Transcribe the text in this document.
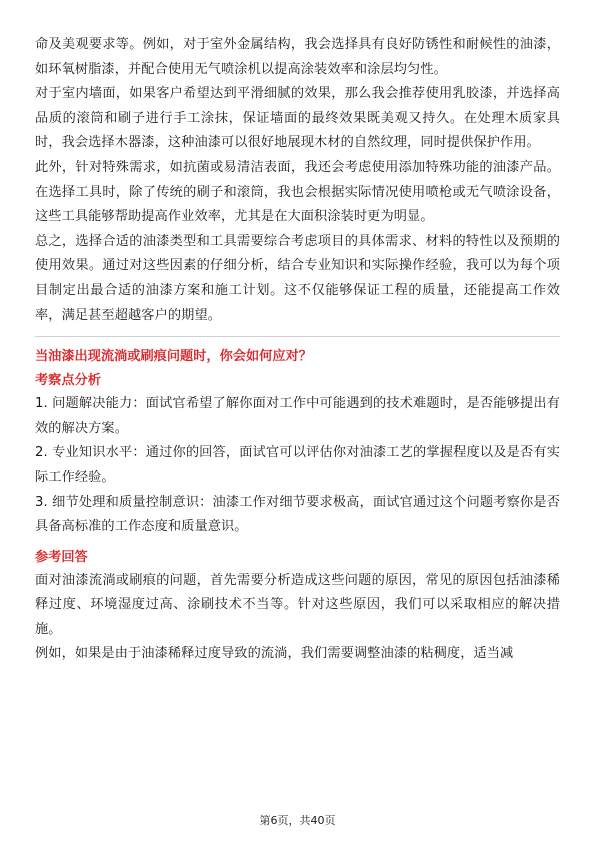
命及美观要求等。例如，对于室外金属结构，我会选择具有良好防锈性和耐候性的油漆，如环氧树脂漆，并配合使用无气喷涂机以提高涂装效率和涂层均匀性。

对于室内墙面，如果客户希望达到平滑细腻的效果，那么我会推荐使用乳胶漆，并选择高品质的滚筒和刷子进行手工涂抹，保证墙面的最终效果既美观又持久。在处理木质家具时，我会选择木器漆，这种油漆可以很好地展现木材的自然纹理，同时提供保护作用。

此外，针对特殊需求，如抗菌或易清洁表面，我还会考虑使用添加特殊功能的油漆产品。在选择工具时，除了传统的刷子和滚筒，我也会根据实际情况使用喷枪或无气喷涂设备，这些工具能够帮助提高作业效率，尤其是在大面积涂装时更为明显。

总之，选择合适的油漆类型和工具需要综合考虑项目的具体需求、材料的特性以及预期的使用效果。通过对这些因素的仔细分析，结合专业知识和实际操作经验，我可以为每个项目制定出最合适的油漆方案和施工计划。这不仅能够保证工程的质量，还能提高工作效率，满足甚至超越客户的期望。

当油漆出现流淌或刷痕问题时，你会如何应对？

考察点分析

1. 问题解决能力：面试官希望了解你面对工作中可能遇到的技术难题时，是否能够提出有效的解决方案。

2. 专业知识水平：通过你的回答，面试官可以评估你对油漆工艺的掌握程度以及是否有实际工作经验。

3. 细节处理和质量控制意识：油漆工作对细节要求极高，面试官通过这个问题考察你是否具备高标准的工作态度和质量意识。

参考回答

面对油漆流淌或刷痕的问题，首先需要分析造成这些问题的原因，常见的原因包括油漆稀释过度、环境湿度过高、涂刷技术不当等。针对这些原因，我们可以采取相应的解决措施。

例如，如果是由于油漆稀释过度导致的流淌，我们需要调整油漆的粘稠度，适当减

第6页，共40页
